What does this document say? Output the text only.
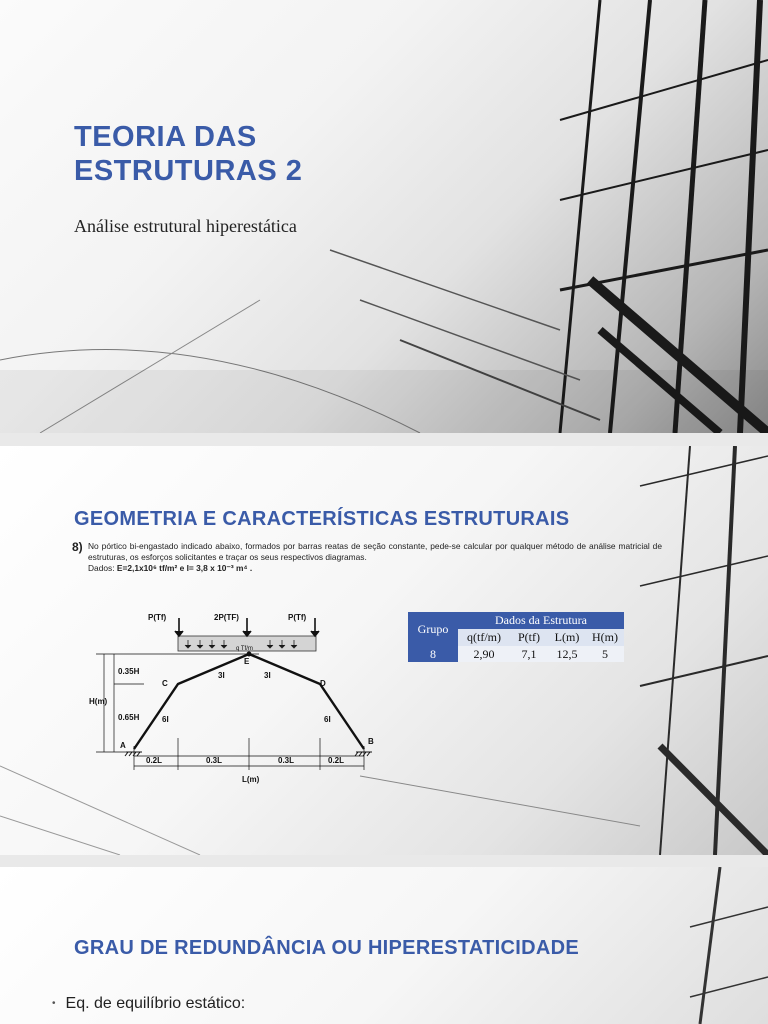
TEORIA DAS
ESTRUTURAS 2
Análise estrutural hiperestática
GEOMETRIA E CARACTERÍSTICAS ESTRUTURAIS
8) No pórtico bi-engastado indicado abaixo, formados por barras reatas de seção constante, pede-se calcular por qualquer método de análise matricial de estruturas, os esforços solicitantes e traçar os seus respectivos diagramas.
Dados: E=2,1x10⁶ tf/m² e I= 3,8 x 10⁻³ m⁴ .
P(Tf)	2P(TF)	P(Tf)
q Tf/m
0.35H
0.65H
H(m)
C	D
E
A	B
3I	3I
6I	6I
0.2L	0.3L	0.3L	0.2L
L(m)
Grupo	Dados da Estrutura			
	q(tf/m)	P(tf)	L(m)	H(m)
8	2,90	7,1	12,5	5
GRAU DE REDUNDÂNCIA OU HIPERESTATICIDADE
• Eq. de equilíbrio estático:
